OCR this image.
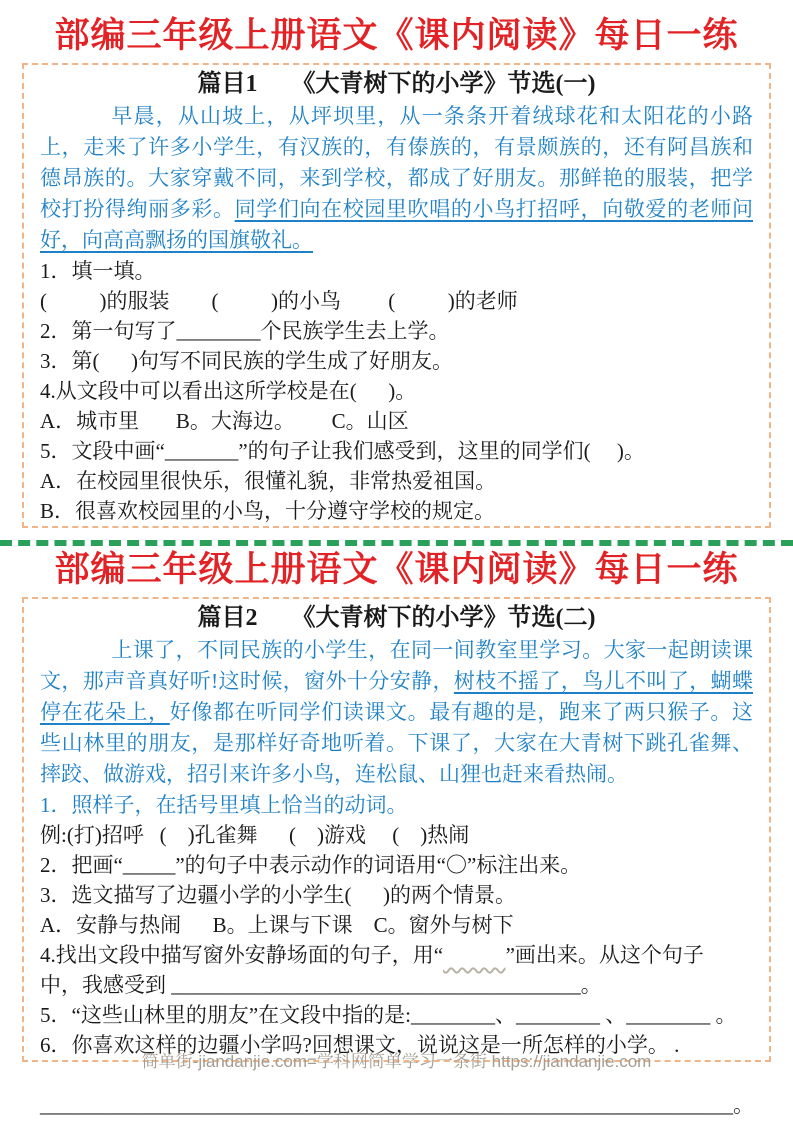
部编三年级上册语文《课内阅读》每日一练
篇目1 《大青树下的小学》节选(一)

早晨，从山坡上，从坪坝里，从一条条开着绒球花和太阳花的小路上，走来了许多小学生，有汉族的，有傣族的，有景颇族的，还有阿昌族和德昂族的。大家穿戴不同，来到学校，都成了好朋友。那鲜艳的服装，把学校打扮得绚丽多彩。同学们向在校园里吹唱的小鸟打招呼，向敬爱的老师问好，向高高飘扬的国旗敬礼。

1．填一填。
(          )的服装        (          )的小鸟         (          )的老师
2．第一句写了________个民族学生去上学。
3．第(      )句写不同民族的学生成了好朋友。
4.从文段中可以看出这所学校是在(      )。
A．城市里       B。大海边。       C。山区
5．文段中画“_______”的句子让我们感受到，这里的同学们(     )。
A．在校园里很快乐，很懂礼貌，非常热爱祖国。
B．很喜欢校园里的小鸟，十分遵守学校的规定。
部编三年级上册语文《课内阅读》每日一练
篇目2 《大青树下的小学》节选(二)

上课了，不同民族的小学生，在同一间教室里学习。大家一起朗读课文，那声音真好听!这时候，窗外十分安静，树枝不摇了，鸟儿不叫了，蝴蝶停在花朵上，好像都在听同学们读课文。最有趣的是，跑来了两只猴子。这些山林里的朋友，是那样好奇地听着。下课了，大家在大青树下跳孔雀舞、摔跤、做游戏，招引来许多小鸟，连松鼠、山狸也赶来看热闹。

1．照样子，在括号里填上恰当的动词。
例:(打)招呼   (    )孔雀舞      (    )游戏     (    )热闹
2．把画“_____”的句子中表示动作的词语用“〇”标注出来。
3．选文描写了边疆小学的小学生(      )的两个情景。
A．安静与热闹      B。上课与下课    C。窗外与树下
4.找出文段中描写窗外安静场面的句子，用“	”画出来。从这个句子
中，我感受到 _______________________________________。
5．“这些山林里的朋友”在文段中指的是:________、________ 、________ 。
6．你喜欢这样的边疆小学吗?回想课文，说说这是一所怎样的小学。 .

__________________________________________________________________。
简单街-jiandanjie.com=学科网简单学习一条街 https://jiandanjie.com
